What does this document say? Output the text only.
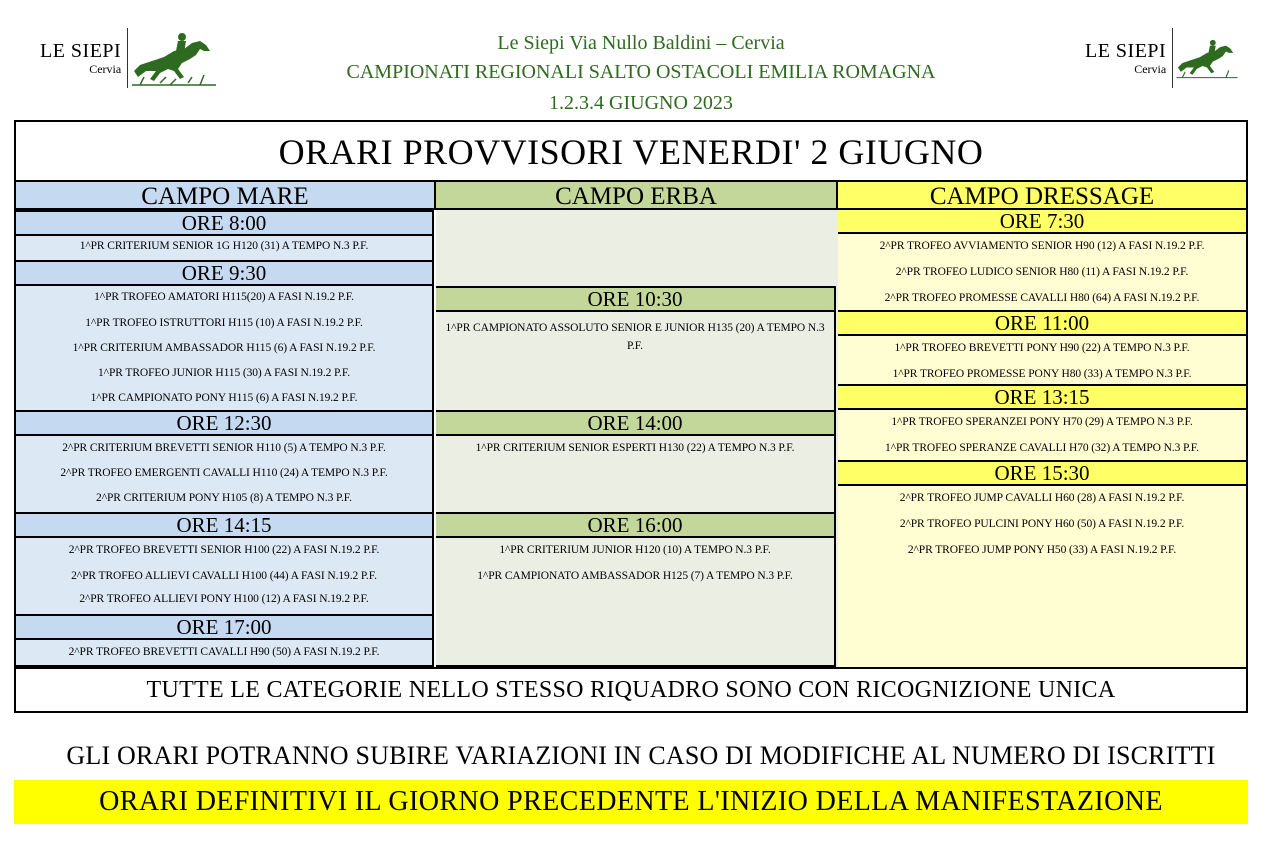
LE SIEPI
Cervia
LE SIEPI
Cervia
Le Siepi Via Nullo Baldini – Cervia
CAMPIONATI REGIONALI SALTO OSTACOLI EMILIA ROMAGNA
1.2.3.4 GIUGNO 2023
ORARI PROVVISORI VENERDI' 2 GIUGNO
CAMPO MARE
ORE 8:00
1^PR CRITERIUM SENIOR 1G H120 (31) A TEMPO N.3 P.F.
ORE 9:30
1^PR TROFEO AMATORI H115(20) A FASI N.19.2 P.F.
1^PR TROFEO ISTRUTTORI H115 (10) A FASI N.19.2 P.F.
1^PR CRITERIUM AMBASSADOR H115 (6) A FASI N.19.2 P.F.
1^PR TROFEO JUNIOR H115 (30) A FASI N.19.2 P.F.
1^PR CAMPIONATO PONY H115 (6) A FASI N.19.2 P.F.
ORE 12:30
2^PR CRITERIUM BREVETTI SENIOR H110 (5) A TEMPO N.3 P.F.
2^PR TROFEO EMERGENTI CAVALLI H110 (24) A TEMPO N.3 P.F.
2^PR CRITERIUM PONY H105 (8) A TEMPO N.3 P.F.
ORE 14:15
2^PR TROFEO BREVETTI SENIOR H100 (22) A FASI N.19.2 P.F.
2^PR TROFEO ALLIEVI CAVALLI H100 (44) A FASI N.19.2 P.F.
2^PR TROFEO ALLIEVI PONY H100 (12) A FASI N.19.2 P.F.
ORE 17:00
2^PR TROFEO BREVETTI CAVALLI H90 (50) A FASI N.19.2 P.F.
CAMPO ERBA
ORE 10:30
1^PR CAMPIONATO ASSOLUTO SENIOR E JUNIOR H135 (20) A TEMPO N.3 P.F.
ORE 14:00
1^PR CRITERIUM SENIOR ESPERTI H130 (22) A TEMPO N.3 P.F.
ORE 16:00
1^PR CRITERIUM JUNIOR H120 (10) A TEMPO N.3 P.F.
1^PR CAMPIONATO AMBASSADOR H125 (7) A TEMPO N.3 P.F.
CAMPO DRESSAGE
ORE 7:30
2^PR TROFEO AVVIAMENTO SENIOR H90 (12) A FASI N.19.2 P.F.
2^PR TROFEO LUDICO SENIOR H80 (11) A FASI N.19.2 P.F.
2^PR TROFEO PROMESSE CAVALLI H80 (64) A FASI N.19.2 P.F.
ORE 11:00
1^PR TROFEO BREVETTI PONY H90 (22) A TEMPO N.3 P.F.
1^PR TROFEO PROMESSE PONY H80 (33) A TEMPO N.3 P.F.
ORE 13:15
1^PR TROFEO SPERANZEI PONY H70 (29) A TEMPO N.3 P.F.
1^PR TROFEO SPERANZE CAVALLI H70 (32) A TEMPO N.3 P.F.
ORE 15:30
2^PR TROFEO JUMP CAVALLI H60 (28) A FASI N.19.2 P.F.
2^PR TROFEO PULCINI PONY H60 (50) A FASI N.19.2 P.F.
2^PR TROFEO JUMP PONY H50 (33) A FASI N.19.2 P.F.
TUTTE LE CATEGORIE NELLO STESSO RIQUADRO SONO CON RICOGNIZIONE UNICA
GLI ORARI POTRANNO SUBIRE VARIAZIONI IN CASO DI MODIFICHE AL NUMERO DI ISCRITTI
ORARI DEFINITIVI IL GIORNO PRECEDENTE L'INIZIO DELLA MANIFESTAZIONE
